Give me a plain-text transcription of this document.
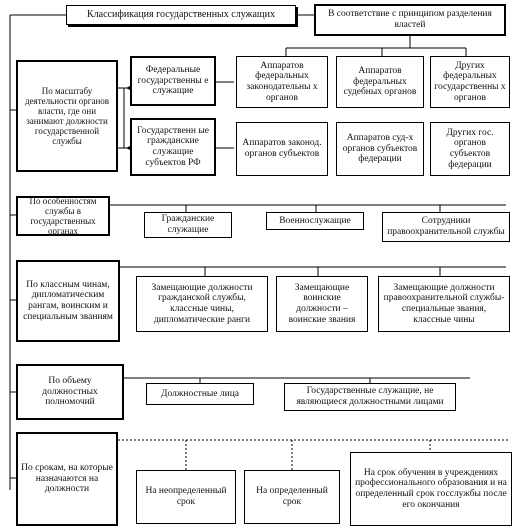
Классификация государственных служащих	В соответствие с принципом разделения властей
По масштабу деятельности органов власти, где они занимают должности государственной службы
Федеральные государственны е служащие
Аппаратов федеральных законодательны х органов
Аппаратов федеральных судебных органов
Других федеральных государственны х органов
Государственн ые гражданские служащие субъектов РФ
Аппаратов законод. органов субъектов
Аппаратов суд-х органов субъектов федерации
Других гос. органов субъектов федерации
По особенностям службы в государственных органах
Гражданские служащие
Военнослужащие	Сотрудники правоохранительной службы
По классным чинам, дипломатическим рангам, воинским и специальным званиям
Замещающие должности гражданской службы, классные чины, дипломатические ранги
Замещающие воинские должности – воинские звания
Замещающие должности правоохранительной службы- специальные звания, классные чины
По объему должностных полномочий
Должностные лица	Государственные служащие, не являющиеся должностными лицами
По срокам, на которые назначаются на должности	На неопределенный срок
На определенный срок
На срок обучения в учреждениях профессионального образования и на определенный срок госслужбы после его окончания
